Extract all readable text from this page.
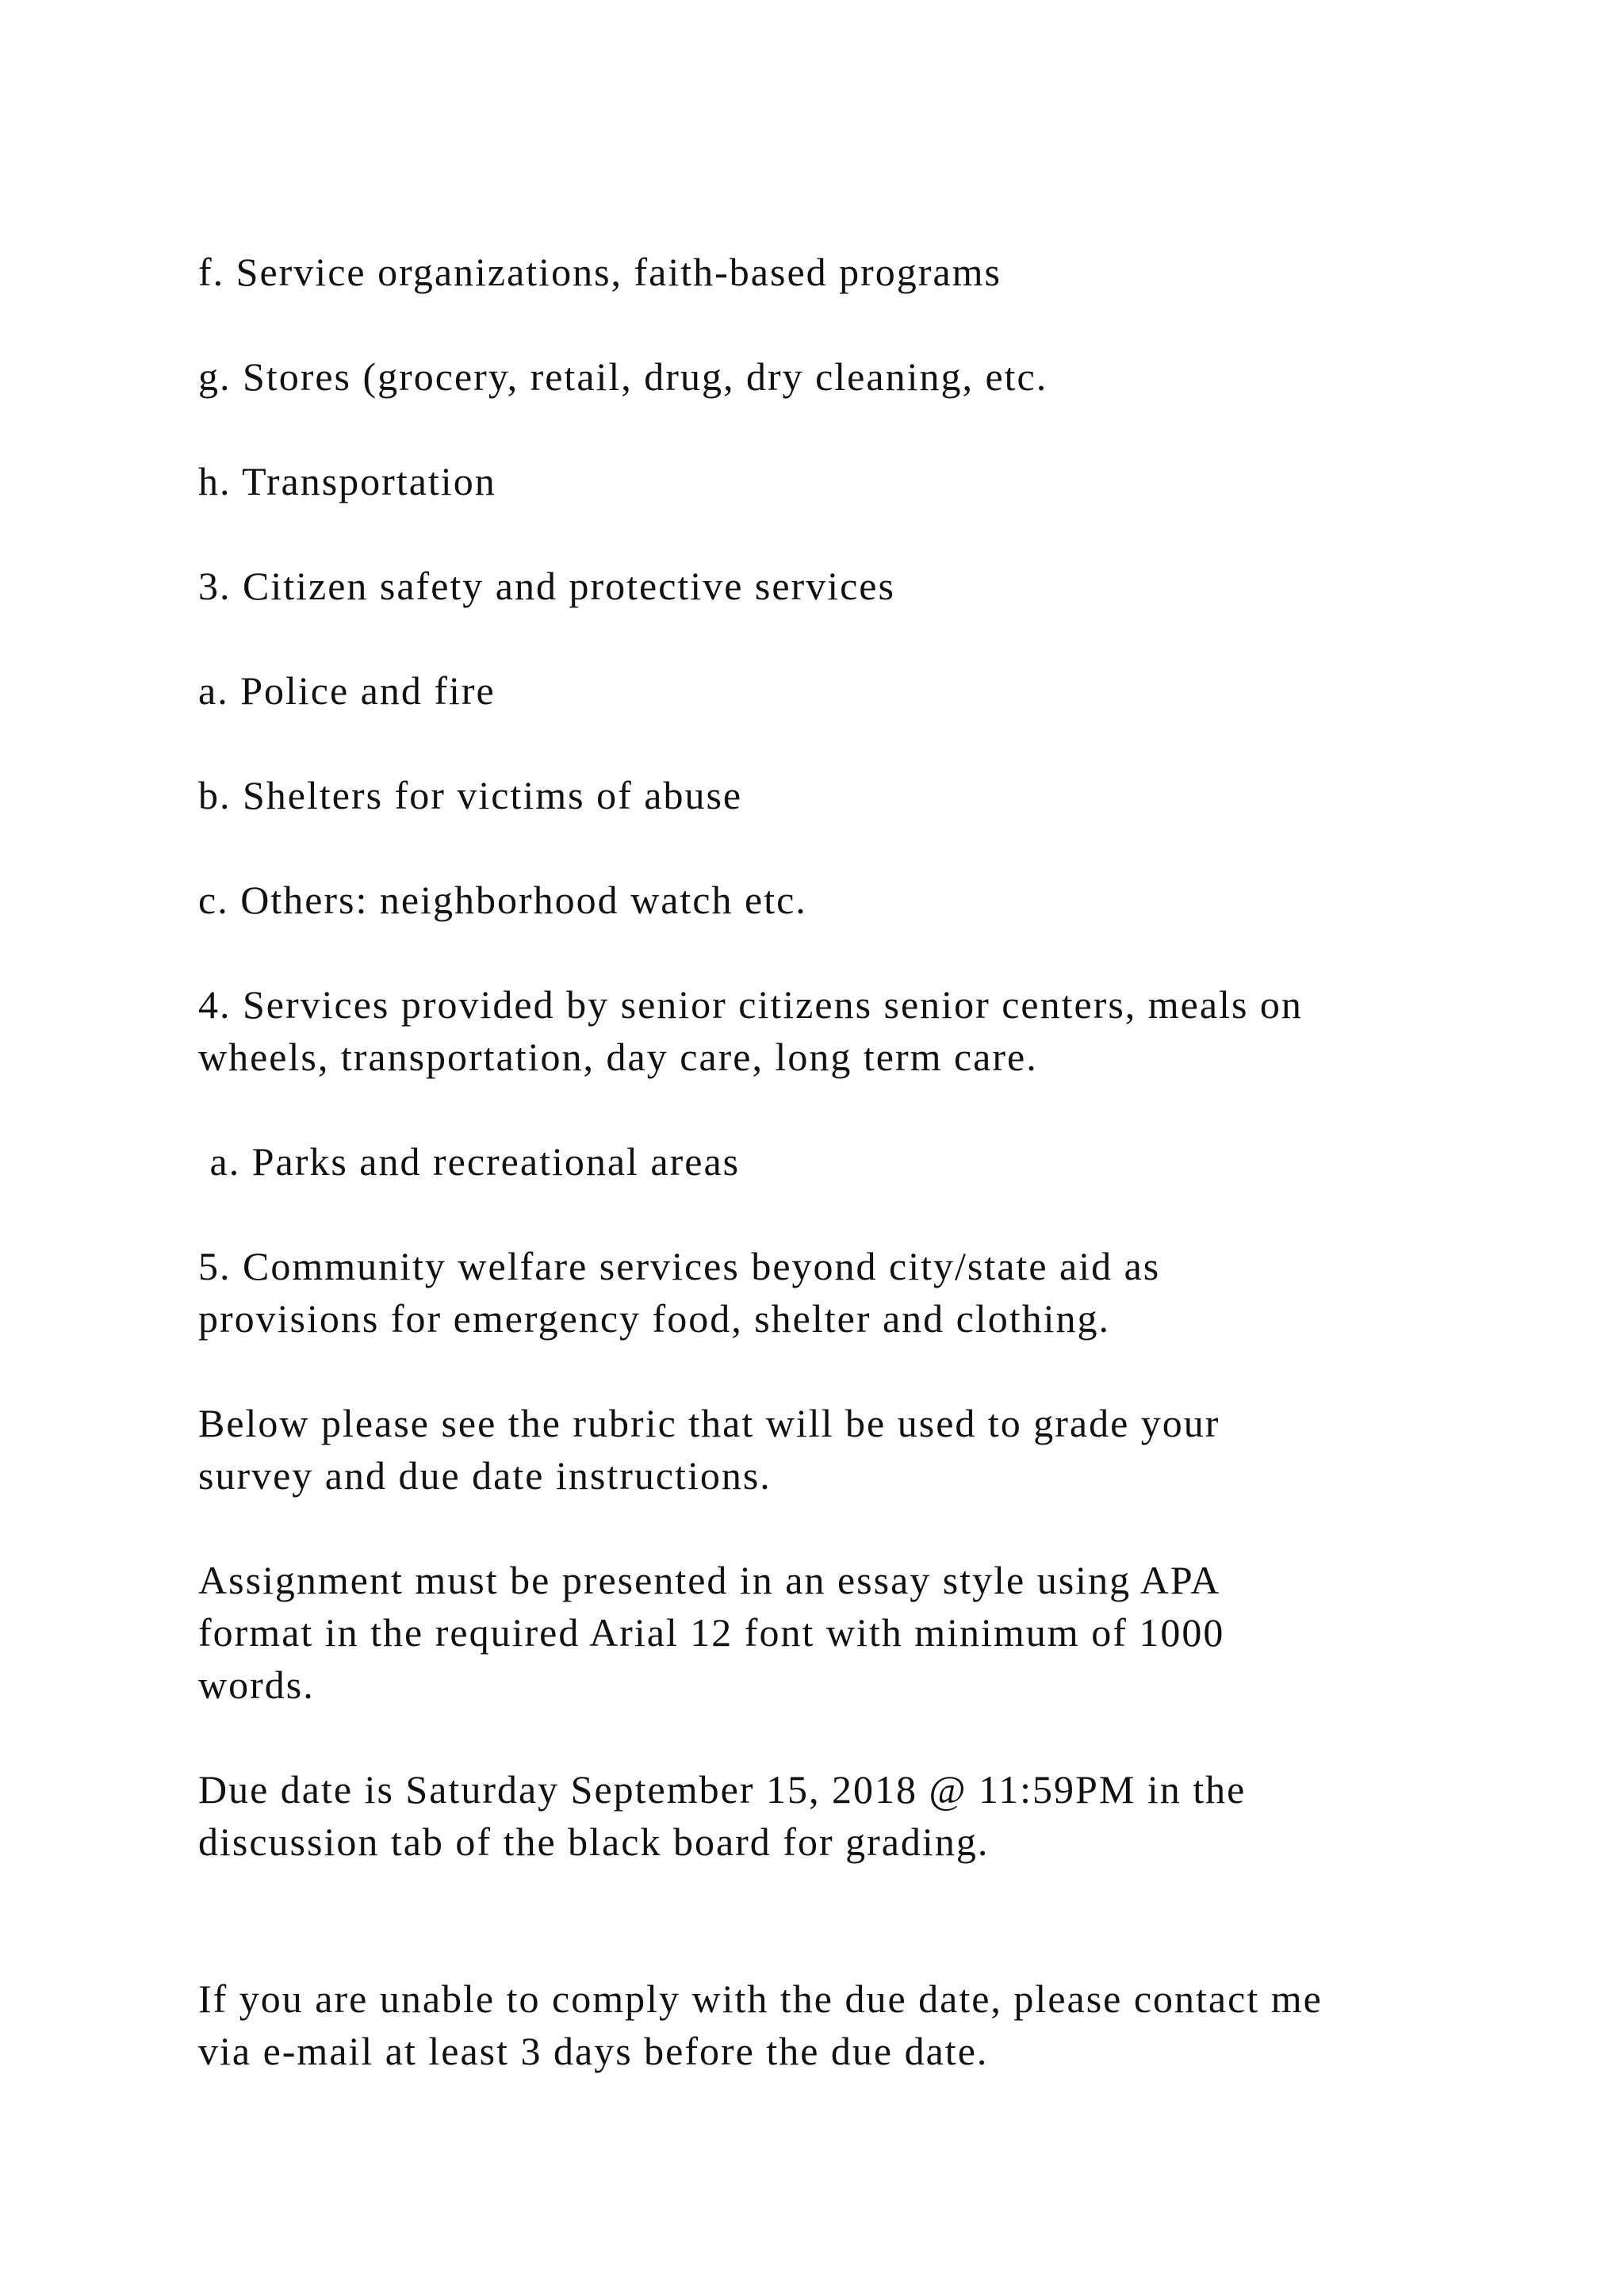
f. Service organizations, faith-based programs

g. Stores (grocery, retail, drug, dry cleaning, etc.

h. Transportation

3. Citizen safety and protective services

a. Police and fire

b. Shelters for victims of abuse

c. Others: neighborhood watch etc.

4. Services provided by senior citizens senior centers, meals on
wheels, transportation, day care, long term care.

a. Parks and recreational areas

5. Community welfare services beyond city/state aid as
provisions for emergency food, shelter and clothing.

Below please see the rubric that will be used to grade your
survey and due date instructions.

Assignment must be presented in an essay style using APA
format in the required Arial 12 font with minimum of 1000
words.

Due date is Saturday September 15, 2018 @ 11:59PM in the
discussion tab of the black board for grading.

If you are unable to comply with the due date, please contact me
via e-mail at least 3 days before the due date.
